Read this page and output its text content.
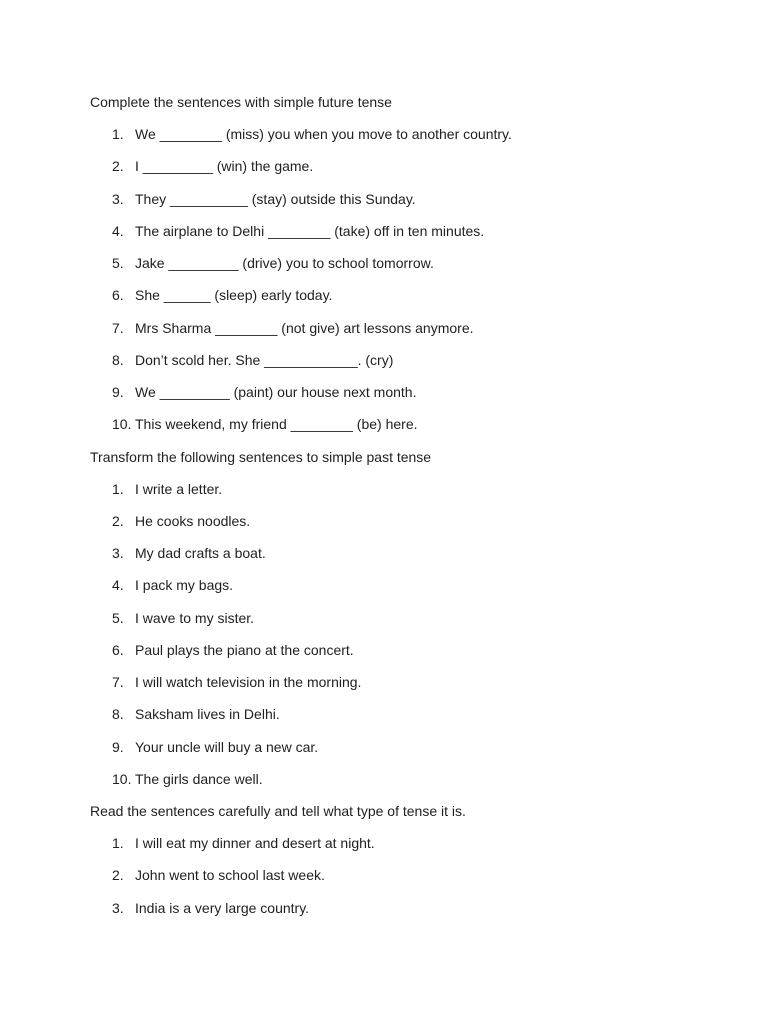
Complete the sentences with simple future tense
1. We ________ (miss) you when you move to another country.
2. I _________ (win) the game.
3. They __________ (stay) outside this Sunday.
4. The airplane to Delhi ________ (take) off in ten minutes.
5. Jake _________ (drive) you to school tomorrow.
6. She ______ (sleep) early today.
7. Mrs Sharma ________ (not give) art lessons anymore.
8. Don’t scold her. She ____________. (cry)
9. We _________ (paint) our house next month.
10. This weekend, my friend ________ (be) here.
Transform the following sentences to simple past tense
1. I write a letter.
2. He cooks noodles.
3. My dad crafts a boat.
4. I pack my bags.
5. I wave to my sister.
6. Paul plays the piano at the concert.
7. I will watch television in the morning.
8. Saksham lives in Delhi.
9. Your uncle will buy a new car.
10. The girls dance well.
Read the sentences carefully and tell what type of tense it is.
1. I will eat my dinner and desert at night.
2. John went to school last week.
3. India is a very large country.
